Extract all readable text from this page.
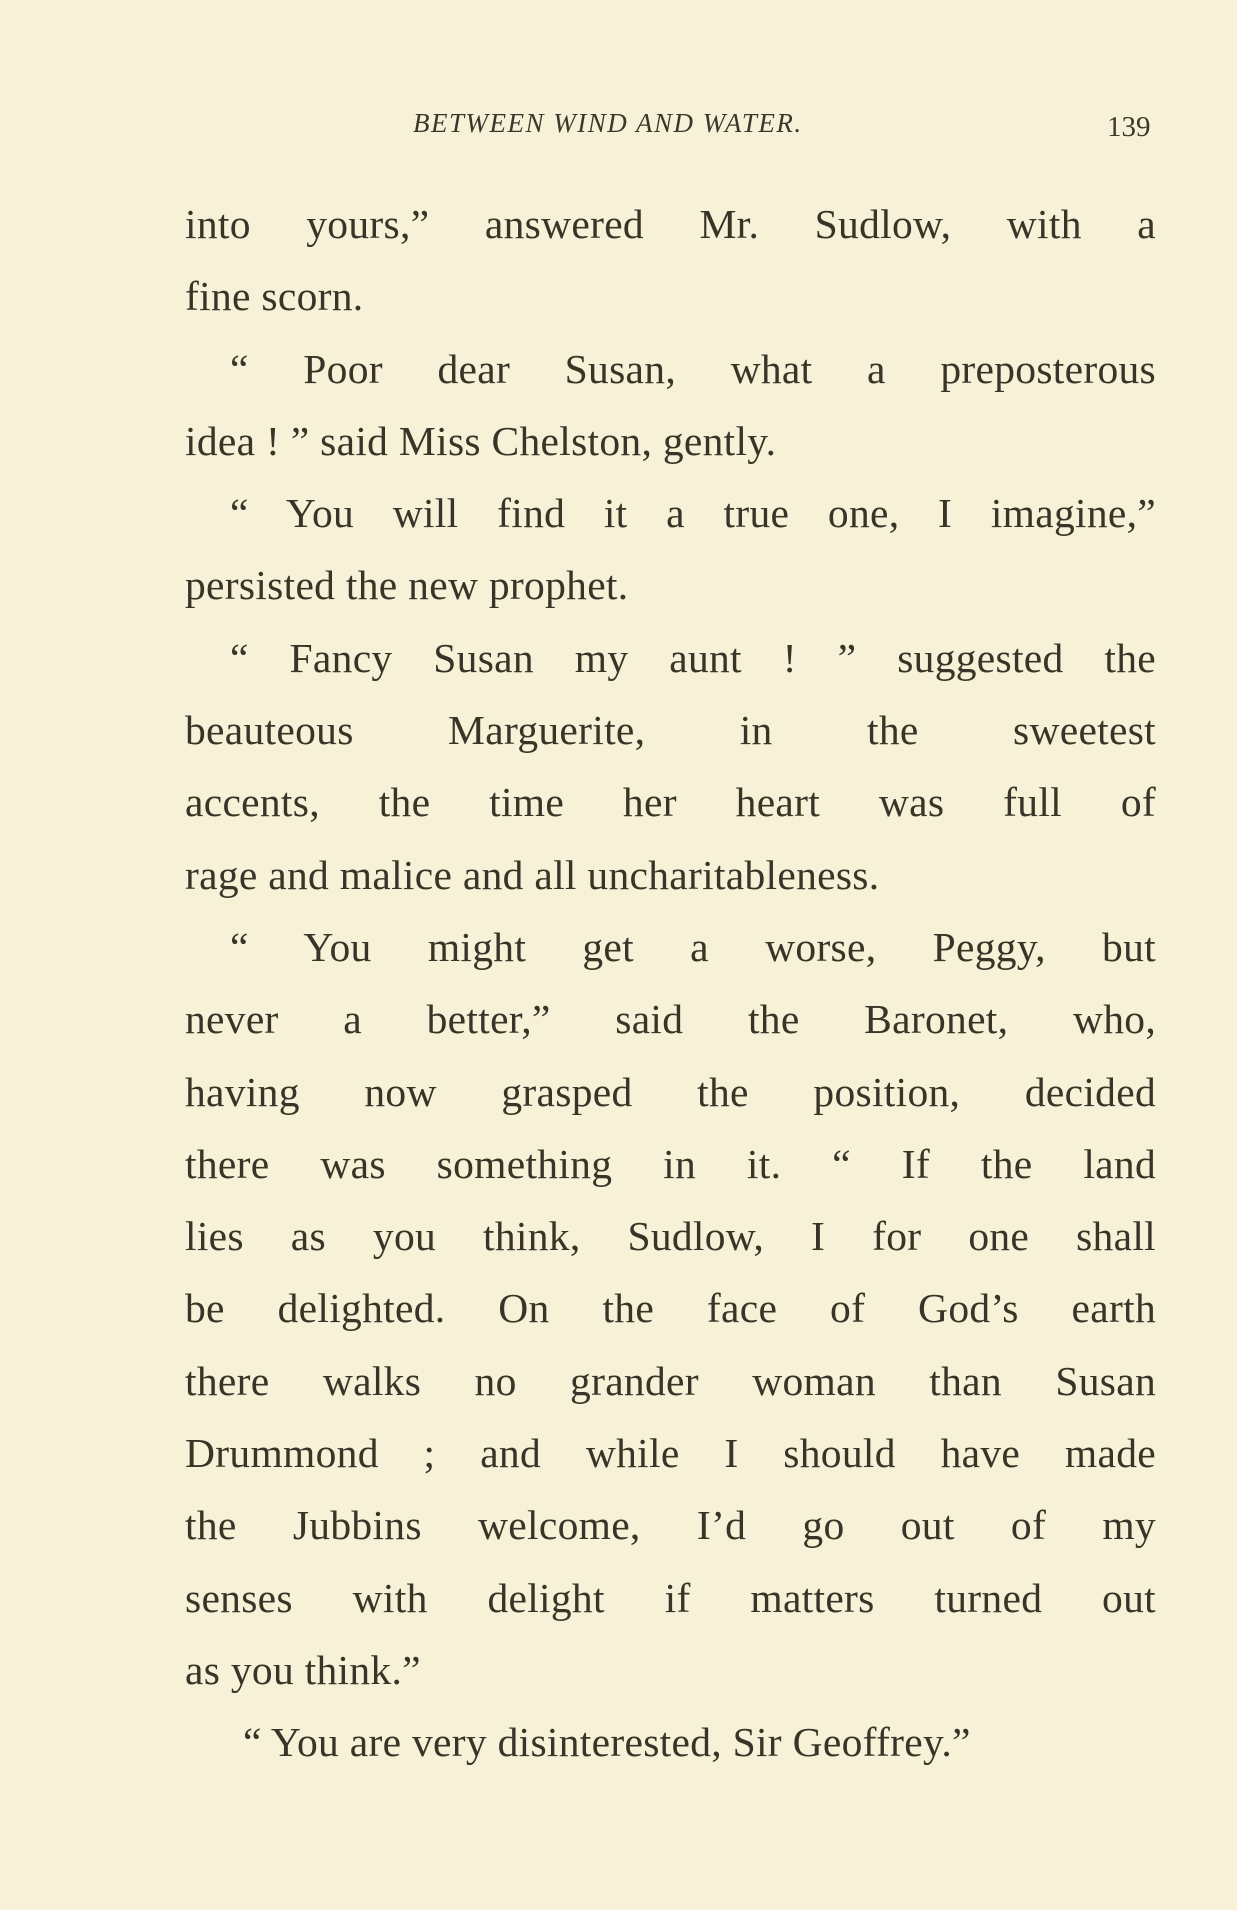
BETWEEN WIND AND WATER.	139
into yours,” answered Mr. Sudlow, with a
fine scorn.
“ Poor dear Susan, what a preposterous
idea ! ” said Miss Chelston, gently.
“ You will find it a true one, I imagine,”
persisted the new prophet.
“ Fancy Susan my aunt ! ” suggested the
beauteous Marguerite, in the sweetest
accents, the time her heart was full of
rage and malice and all uncharitableness.
“ You might get a worse, Peggy, but
never a better,” said the Baronet, who,
having now grasped the position, decided
there was something in it. “ If the land
lies as you think, Sudlow, I for one shall
be delighted. On the face of God’s earth
there walks no grander woman than Susan
Drummond ; and while I should have made
the Jubbins welcome, I’d go out of my
senses with delight if matters turned out
as you think.”
“ You are very disinterested, Sir Geoffrey.”
